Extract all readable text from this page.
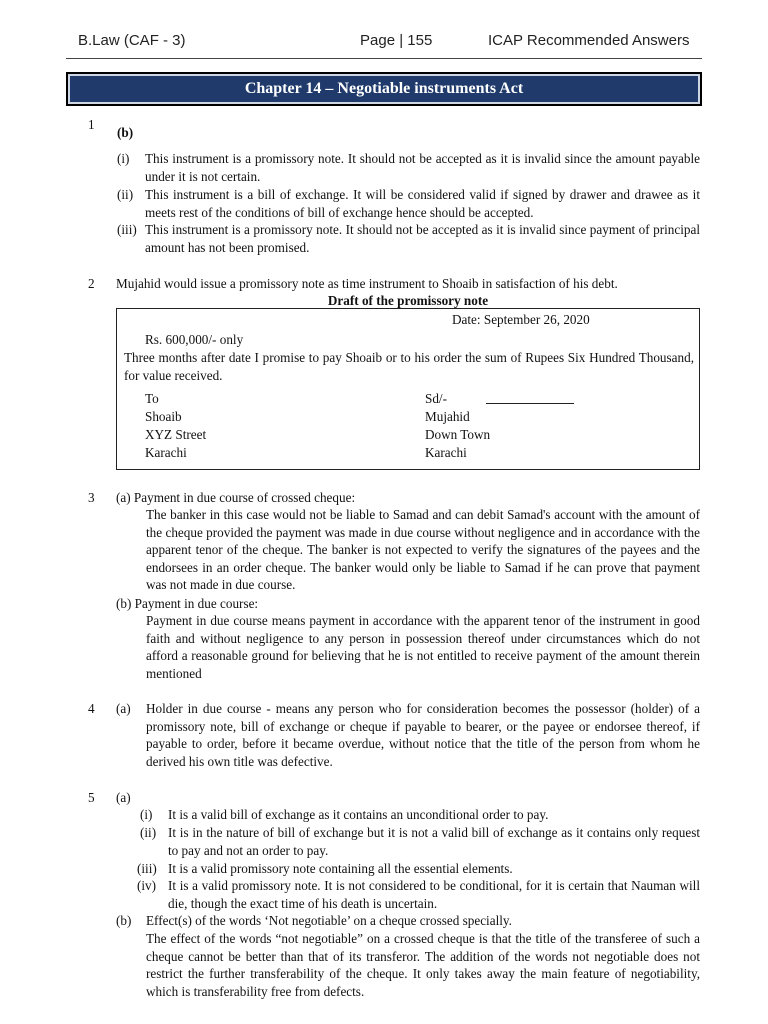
B.Law (CAF - 3)	Page | 155	ICAP Recommended Answers
Chapter 14 – Negotiable instruments Act
1
(b)
(i) This instrument is a promissory note. It should not be accepted as it is invalid since the amount payable under it is not certain.
(ii) This instrument is a bill of exchange. It will be considered valid if signed by drawer and drawee as it meets rest of the conditions of bill of exchange hence should be accepted.
(iii) This instrument is a promissory note. It should not be accepted as it is invalid since payment of principal amount has not been promised.
2 Mujahid would issue a promissory note as time instrument to Shoaib in satisfaction of his debt.
Draft of the promissory note
Date: September 26, 2020
Rs. 600,000/- only
Three months after date I promise to pay Shoaib or to his order the sum of Rupees Six Hundred Thousand, for value received.
To
Shoaib
XYZ Street
Karachi
Sd/-
Mujahid
Down Town
Karachi
3 (a) Payment in due course of crossed cheque:
The banker in this case would not be liable to Samad and can debit Samad's account with the amount of the cheque provided the payment was made in due course without negligence and in accordance with the apparent tenor of the cheque. The banker is not expected to verify the signatures of the payees and the endorsees in an order cheque. The banker would only be liable to Samad if he can prove that payment was not made in due course.
(b) Payment in due course:
Payment in due course means payment in accordance with the apparent tenor of the instrument in good faith and without negligence to any person in possession thereof under circumstances which do not afford a reasonable ground for believing that he is not entitled to receive payment of the amount therein mentioned
4 (a) Holder in due course - means any person who for consideration becomes the possessor (holder) of a promissory note, bill of exchange or cheque if payable to bearer, or the payee or endorsee thereof, if payable to order, before it became overdue, without notice that the title of the person from whom he derived his own title was defective.
5 (a)
(i) It is a valid bill of exchange as it contains an unconditional order to pay.
(ii) It is in the nature of bill of exchange but it is not a valid bill of exchange as it contains only request to pay and not an order to pay.
(iii) It is a valid promissory note containing all the essential elements.
(iv) It is a valid promissory note. It is not considered to be conditional, for it is certain that Nauman will die, though the exact time of his death is uncertain.
(b) Effect(s) of the words ‘Not negotiable’ on a cheque crossed specially.
The effect of the words “not negotiable” on a crossed cheque is that the title of the transferee of such a cheque cannot be better than that of its transferor. The addition of the words not negotiable does not restrict the further transferability of the cheque. It only takes away the main feature of negotiability, which is transferability free from defects.
